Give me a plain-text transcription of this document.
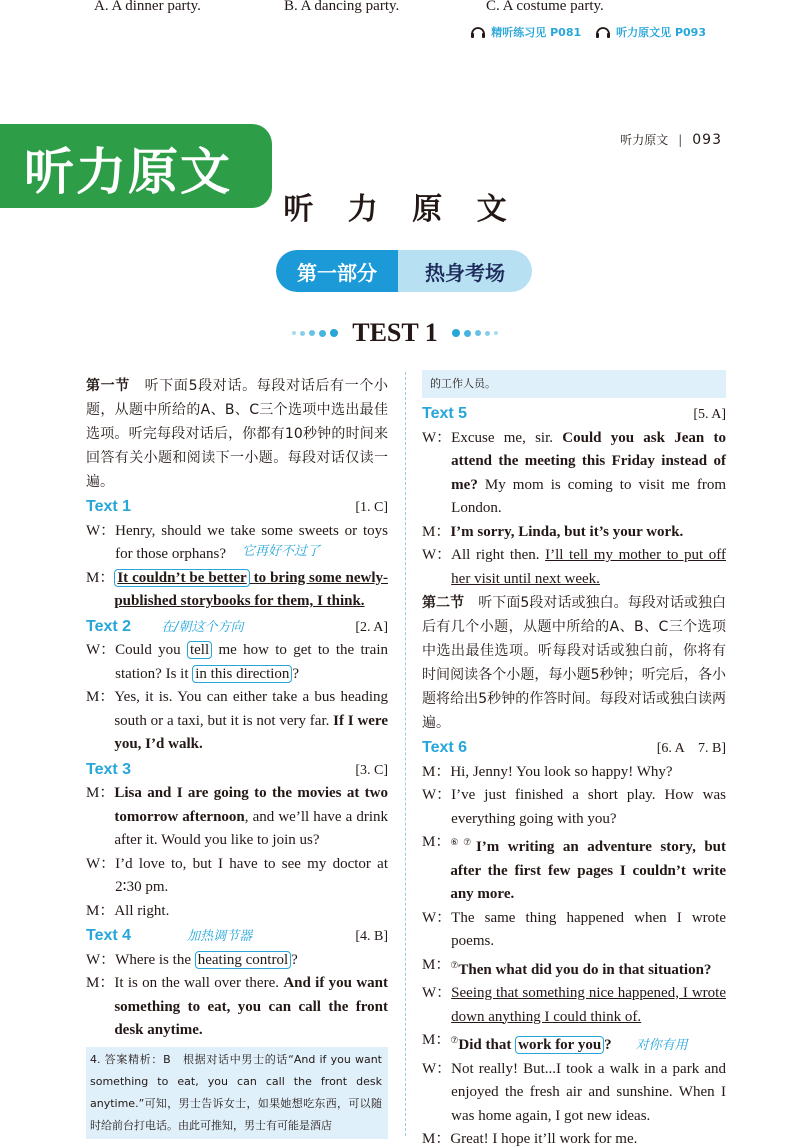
A. A dinner party.	B. A dancing party.	C. A costume party.
精听练习见 P081	听力原文见 P093
听力原文
听力原文 | 093
听 力 原 文
第一部分	热身考场
TEST 1

第一节　 听下面5段对话。每段对话后有一个小题，从题中所给的A、B、C三个选项中选出最佳选项。听完每段对话后，你都有10秒钟的时间来回答有关小题和阅读下一小题。每段对话仅读一遍。

Text 1	[1. C]
W： Henry, should we take some sweets or toys for those orphans?	它再好不过了
M： It couldn’t be better to bring some newly-published storybooks for them, I think.
Text 2 在/朝这个方向	[2. A]
W： Could you tell me how to get to the train station? Is it in this direction ?
M： Yes, it is. You can either take a bus heading south or a taxi, but it is not very far. If I were you, I’d walk.
Text 3	[3. C]
M： Lisa and I are going to the movies at two tomorrow afternoon, and we’ll have a drink after it. Would you like to join us?
W： I’d love to, but I have to see my doctor at 2∶30 pm.
M： All right.
Text 4	加热调节器	[4. B]
W： Where is the heating control ?
M： It is on the wall over there. And if you want something to eat, you can call the front desk anytime.
4. 答案精析：B　根据对话中男士的话“And if you want something to eat, you can call the front desk anytime.”可知，男士告诉女士，如果她想吃东西，可以随时给前台打电话。由此可推知，男士有可能是酒店
的工作人员。
Text 5	[5. A]
W： Excuse me, sir. Could you ask Jean to attend the meeting this Friday instead of me? My mom is coming to visit me from London.
M： I’m sorry, Linda, but it’s your work.
W： All right then. I’ll tell my mother to put off her visit until next week.

第二节　 听下面5段对话或独白。每段对话或独白后有几个小题，从题中所给的A、B、C三个选项中选出最佳选项。听每段对话或独白前，你将有时间阅读各个小题，每小题5秒钟；听完后，各小题将给出5秒钟的作答时间。每段对话或独白读两遍。

Text 6	[6. A　7. B]
M： Hi, Jenny! You look so happy! Why?
W： I’ve just finished a short play. How was everything going with you?
M： ⑥⑦I’m writing an adventure story, but after the first few pages I couldn’t write any more.
W： The same thing happened when I wrote poems.
M： ⑦Then what did you do in that situation?
W： Seeing that something nice happened, I wrote down anything I could think of.
M： ⑦Did that work for you ? 对你有用
W： Not really! But...I took a walk in a park and enjoyed the fresh air and sunshine. When I was home again, I got new ideas.
M： Great! I hope it’ll work for me.
